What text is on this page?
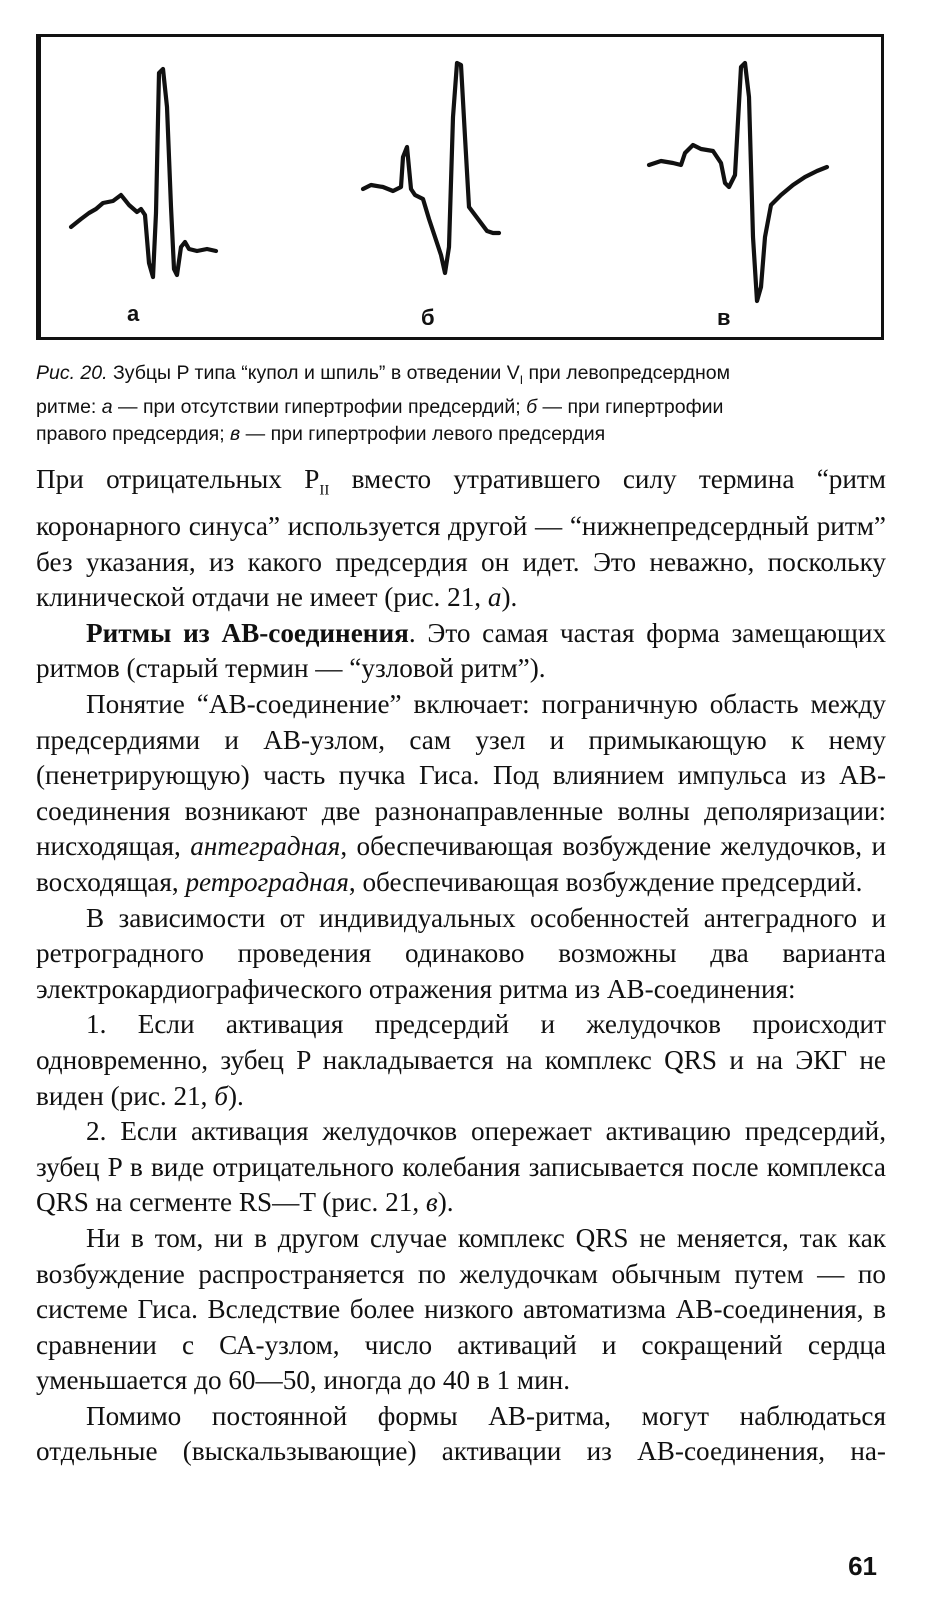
а	б	в
Рис. 20. Зубцы P типа “купол и шпиль” в отведении $V_I$ при левопредсердном
ритме: а — при отсутствии гипертрофии предсердий; б — при гипертрофии
правого предсердия; в — при гипертрофии левого предсердия

При отрицательных $P_{II}$ вместо утратившего силу термина “ритм коронарного синуса” используется другой — “нижнепредсердный ритм” без указания, из какого предсердия он идет. Это неважно, поскольку клинической отдачи не имеет (рис. 21, а).

Ритмы из АВ-соединения. Это самая частая форма замещающих ритмов (старый термин — “узловой ритм”).

Понятие “АВ-соединение” включает: пограничную область между предсердиями и АВ-узлом, сам узел и примыкающую к нему (пенетрирующую) часть пучка Гиса. Под влиянием импульса из АВ-соединения возникают две разнонаправленные волны деполяризации: нисходящая, антеградная, обеспечивающая возбуждение желудочков, и восходящая, ретроградная, обеспечивающая возбуждение предсердий.

В зависимости от индивидуальных особенностей антеградного и ретроградного проведения одинаково возможны два варианта электрокардиографического отражения ритма из АВ-соединения:

1. Если активация предсердий и желудочков происходит одновременно, зубец P накладывается на комплекс QRS и на ЭКГ не виден (рис. 21, б).

2. Если активация желудочков опережает активацию предсердий, зубец P в виде отрицательного колебания записывается после комплекса QRS на сегменте RS—T (рис. 21, в).

Ни в том, ни в другом случае комплекс QRS не меняется, так как возбуждение распространяется по желудочкам обычным путем — по системе Гиса. Вследствие более низкого автоматизма АВ-соединения, в сравнении с СА-узлом, число активаций и сокращений сердца уменьшается до 60—50, иногда до 40 в 1 мин.

Помимо постоянной формы АВ-ритма, могут наблюдаться отдельные (выскальзывающие) активации из АВ-соединения, на-

61
